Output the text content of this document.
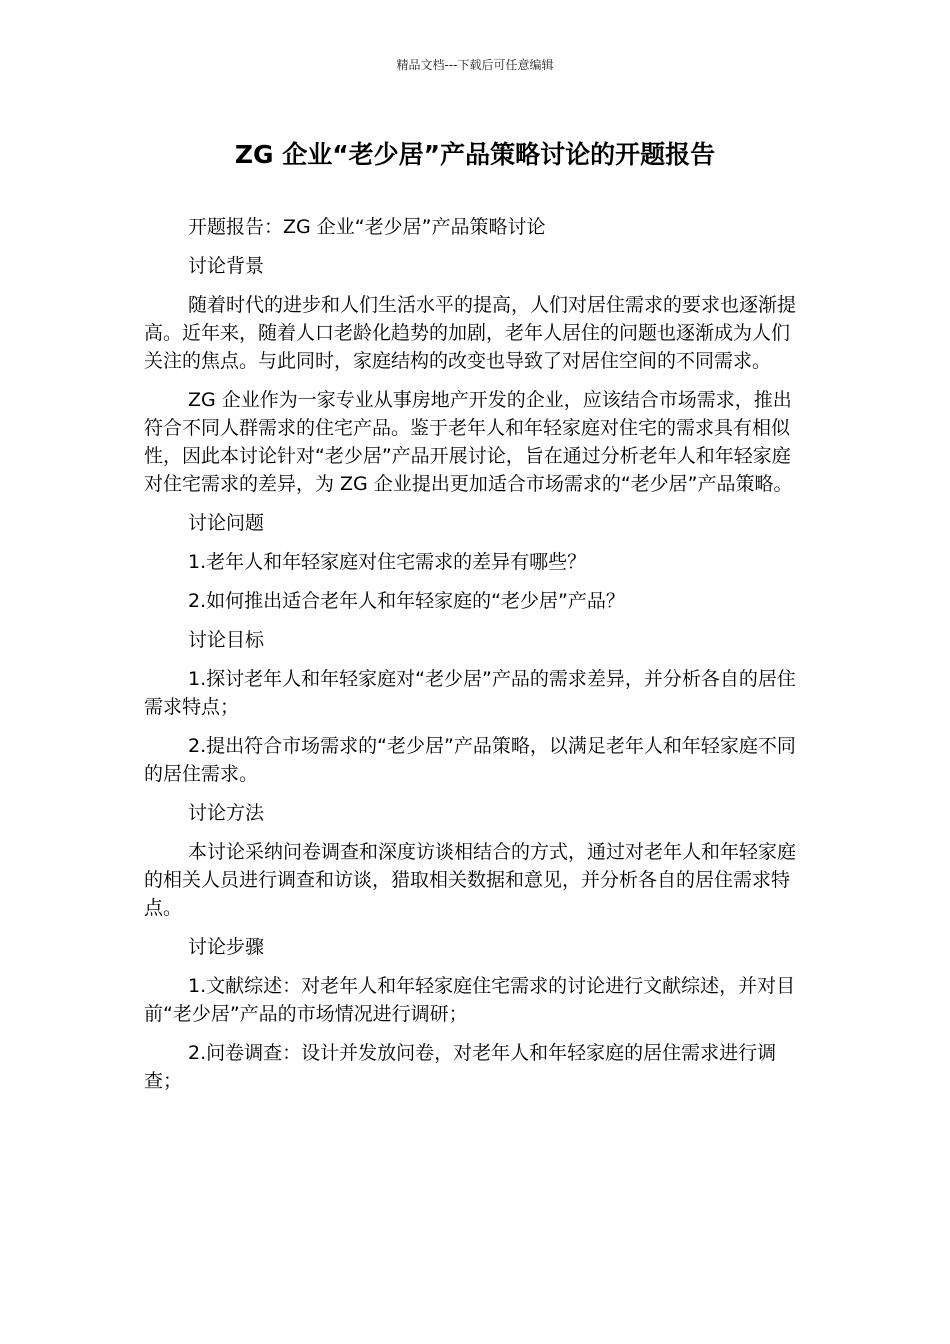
精品文档---下载后可任意编辑
ZG 企业“老少居”产品策略讨论的开题报告

开题报告：ZG 企业“老少居”产品策略讨论

讨论背景

随着时代的进步和人们生活水平的提高，人们对居住需求的要求也逐渐提高。近年来，随着人口老龄化趋势的加剧，老年人居住的问题也逐渐成为人们关注的焦点。与此同时，家庭结构的改变也导致了对居住空间的不同需求。

ZG 企业作为一家专业从事房地产开发的企业，应该结合市场需求，推出符合不同人群需求的住宅产品。鉴于老年人和年轻家庭对住宅的需求具有相似性，因此本讨论针对“老少居”产品开展讨论，旨在通过分析老年人和年轻家庭对住宅需求的差异，为 ZG 企业提出更加适合市场需求的“老少居”产品策略。

讨论问题

1.老年人和年轻家庭对住宅需求的差异有哪些？

2.如何推出适合老年人和年轻家庭的“老少居”产品？

讨论目标

1.探讨老年人和年轻家庭对“老少居”产品的需求差异，并分析各自的居住需求特点；

2.提出符合市场需求的“老少居”产品策略，以满足老年人和年轻家庭不同的居住需求。

讨论方法

本讨论采纳问卷调查和深度访谈相结合的方式，通过对老年人和年轻家庭的相关人员进行调查和访谈，猎取相关数据和意见，并分析各自的居住需求特点。

讨论步骤

1.文献综述：对老年人和年轻家庭住宅需求的讨论进行文献综述，并对目前“老少居”产品的市场情况进行调研；

2.问卷调查：设计并发放问卷，对老年人和年轻家庭的居住需求进行调查；
